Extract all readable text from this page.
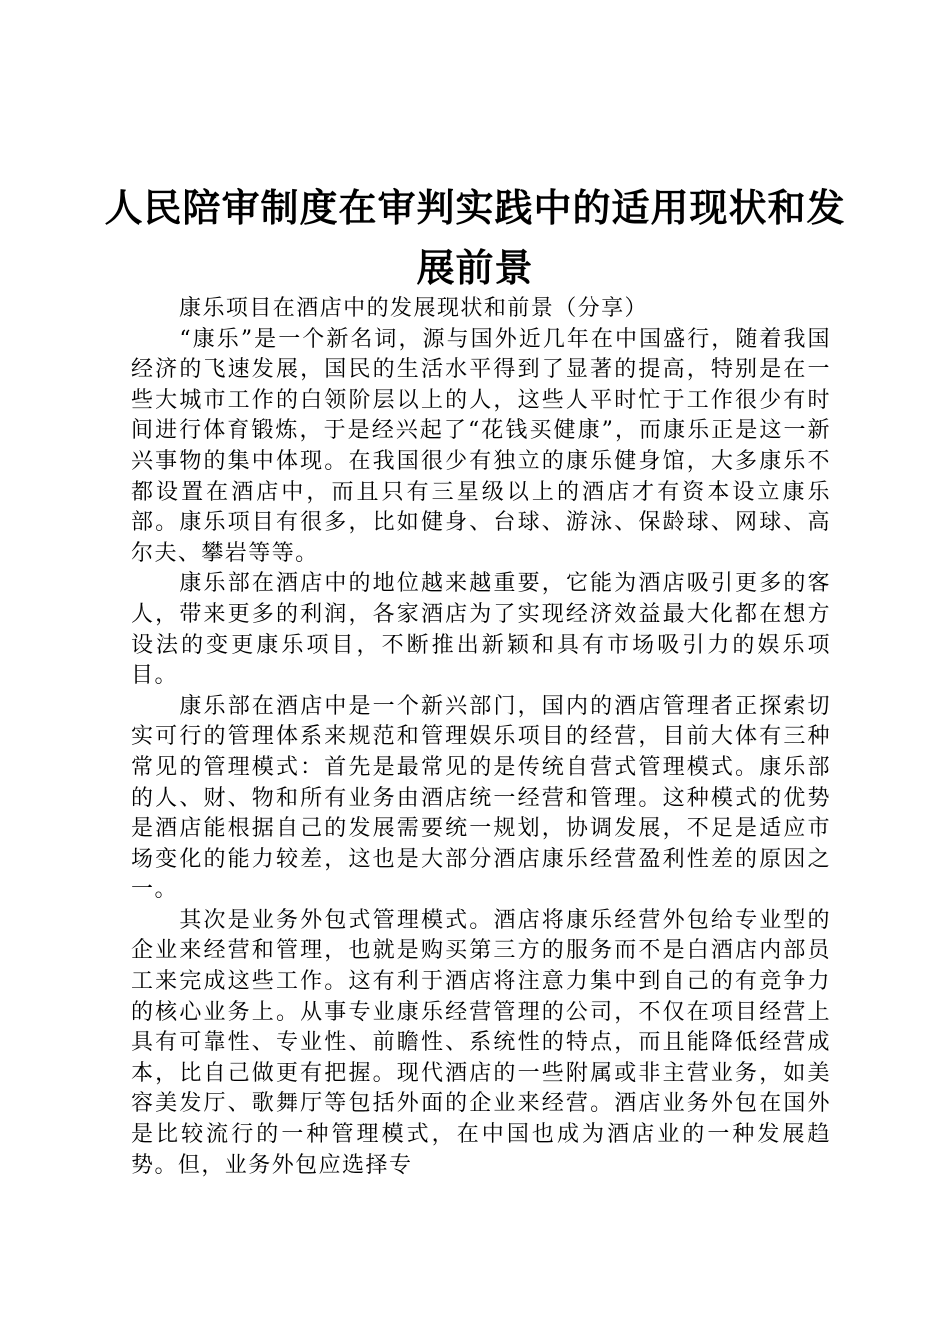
人民陪审制度在审判实践中的适用现状和发展前景

康乐项目在酒店中的发展现状和前景（分享）

“康乐”是一个新名词，源与国外近几年在中国盛行，随着我国经济的飞速发展，国民的生活水平得到了显著的提高，特别是在一些大城市工作的白领阶层以上的人，这些人平时忙于工作很少有时间进行体育锻炼，于是经兴起了“花钱买健康”，而康乐正是这一新兴事物的集中体现。在我国很少有独立的康乐健身馆，大多康乐不都设置在酒店中，而且只有三星级以上的酒店才有资本设立康乐部。康乐项目有很多，比如健身、台球、游泳、保龄球、网球、高尔夫、攀岩等等。

康乐部在酒店中的地位越来越重要，它能为酒店吸引更多的客人，带来更多的利润，各家酒店为了实现经济效益最大化都在想方设法的变更康乐项目，不断推出新颖和具有市场吸引力的娱乐项目。

康乐部在酒店中是一个新兴部门，国内的酒店管理者正探索切实可行的管理体系来规范和管理娱乐项目的经营，目前大体有三种常见的管理模式：首先是最常见的是传统自营式管理模式。康乐部的人、财、物和所有业务由酒店统一经营和管理。这种模式的优势是酒店能根据自己的发展需要统一规划，协调发展，不足是适应市场变化的能力较差，这也是大部分酒店康乐经营盈利性差的原因之一。

其次是业务外包式管理模式。酒店将康乐经营外包给专业型的企业来经营和管理，也就是购买第三方的服务而不是白酒店内部员工来完成这些工作。这有利于酒店将注意力集中到自己的有竞争力的核心业务上。从事专业康乐经营管理的公司，不仅在项目经营上具有可靠性、专业性、前瞻性、系统性的特点，而且能降低经营成本，比自己做更有把握。现代酒店的一些附属或非主营业务，如美容美发厅、歌舞厅等包括外面的企业来经营。酒店业务外包在国外是比较流行的一种管理模式，在中国也成为酒店业的一种发展趋势。但，业务外包应选择专
